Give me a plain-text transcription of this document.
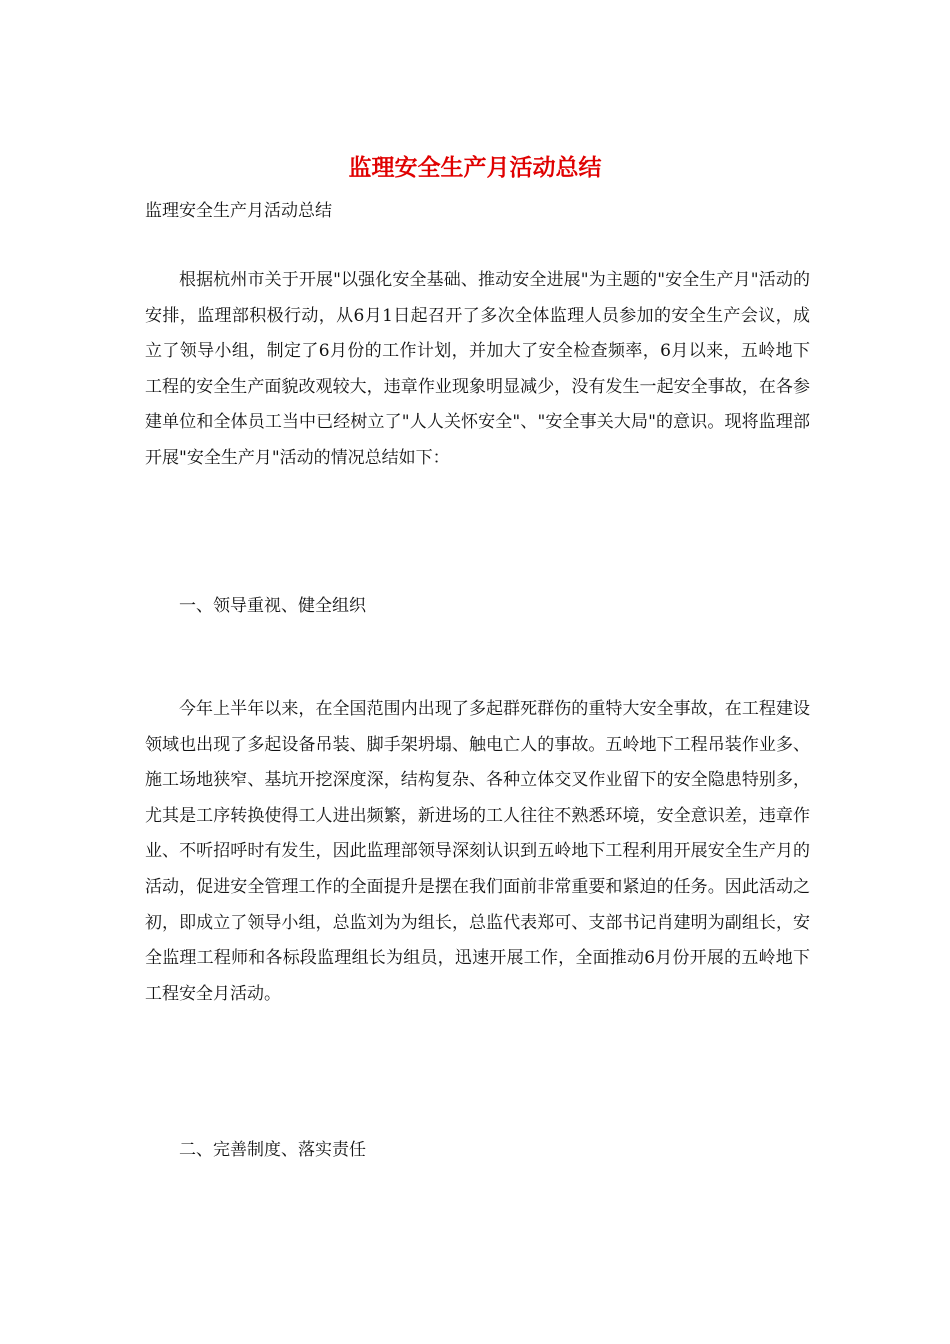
监理安全生产月活动总结

监理安全生产月活动总结

根据杭州市关于开展"以强化安全基础、推动安全进展"为主题的"安全生产月"活动的安排，监理部积极行动，从6月1日起召开了多次全体监理人员参加的安全生产会议，成立了领导小组，制定了6月份的工作计划，并加大了安全检查频率，6月以来，五岭地下工程的安全生产面貌改观较大，违章作业现象明显减少，没有发生一起安全事故，在各参建单位和全体员工当中已经树立了"人人关怀安全"、"安全事关大局"的意识。现将监理部开展"安全生产月"活动的情况总结如下：

一、领导重视、健全组织

今年上半年以来，在全国范围内出现了多起群死群伤的重特大安全事故，在工程建设领域也出现了多起设备吊装、脚手架坍塌、触电亡人的事故。五岭地下工程吊装作业多、施工场地狭窄、基坑开挖深度深，结构复杂、各种立体交叉作业留下的安全隐患特别多，尤其是工序转换使得工人进出频繁，新进场的工人往往不熟悉环境，安全意识差，违章作业、不听招呼时有发生，因此监理部领导深刻认识到五岭地下工程利用开展安全生产月的活动，促进安全管理工作的全面提升是摆在我们面前非常重要和紧迫的任务。因此活动之初，即成立了领导小组，总监刘为为组长，总监代表郑可、支部书记肖建明为副组长，安全监理工程师和各标段监理组长为组员，迅速开展工作，全面推动6月份开展的五岭地下工程安全月活动。

二、完善制度、落实责任
